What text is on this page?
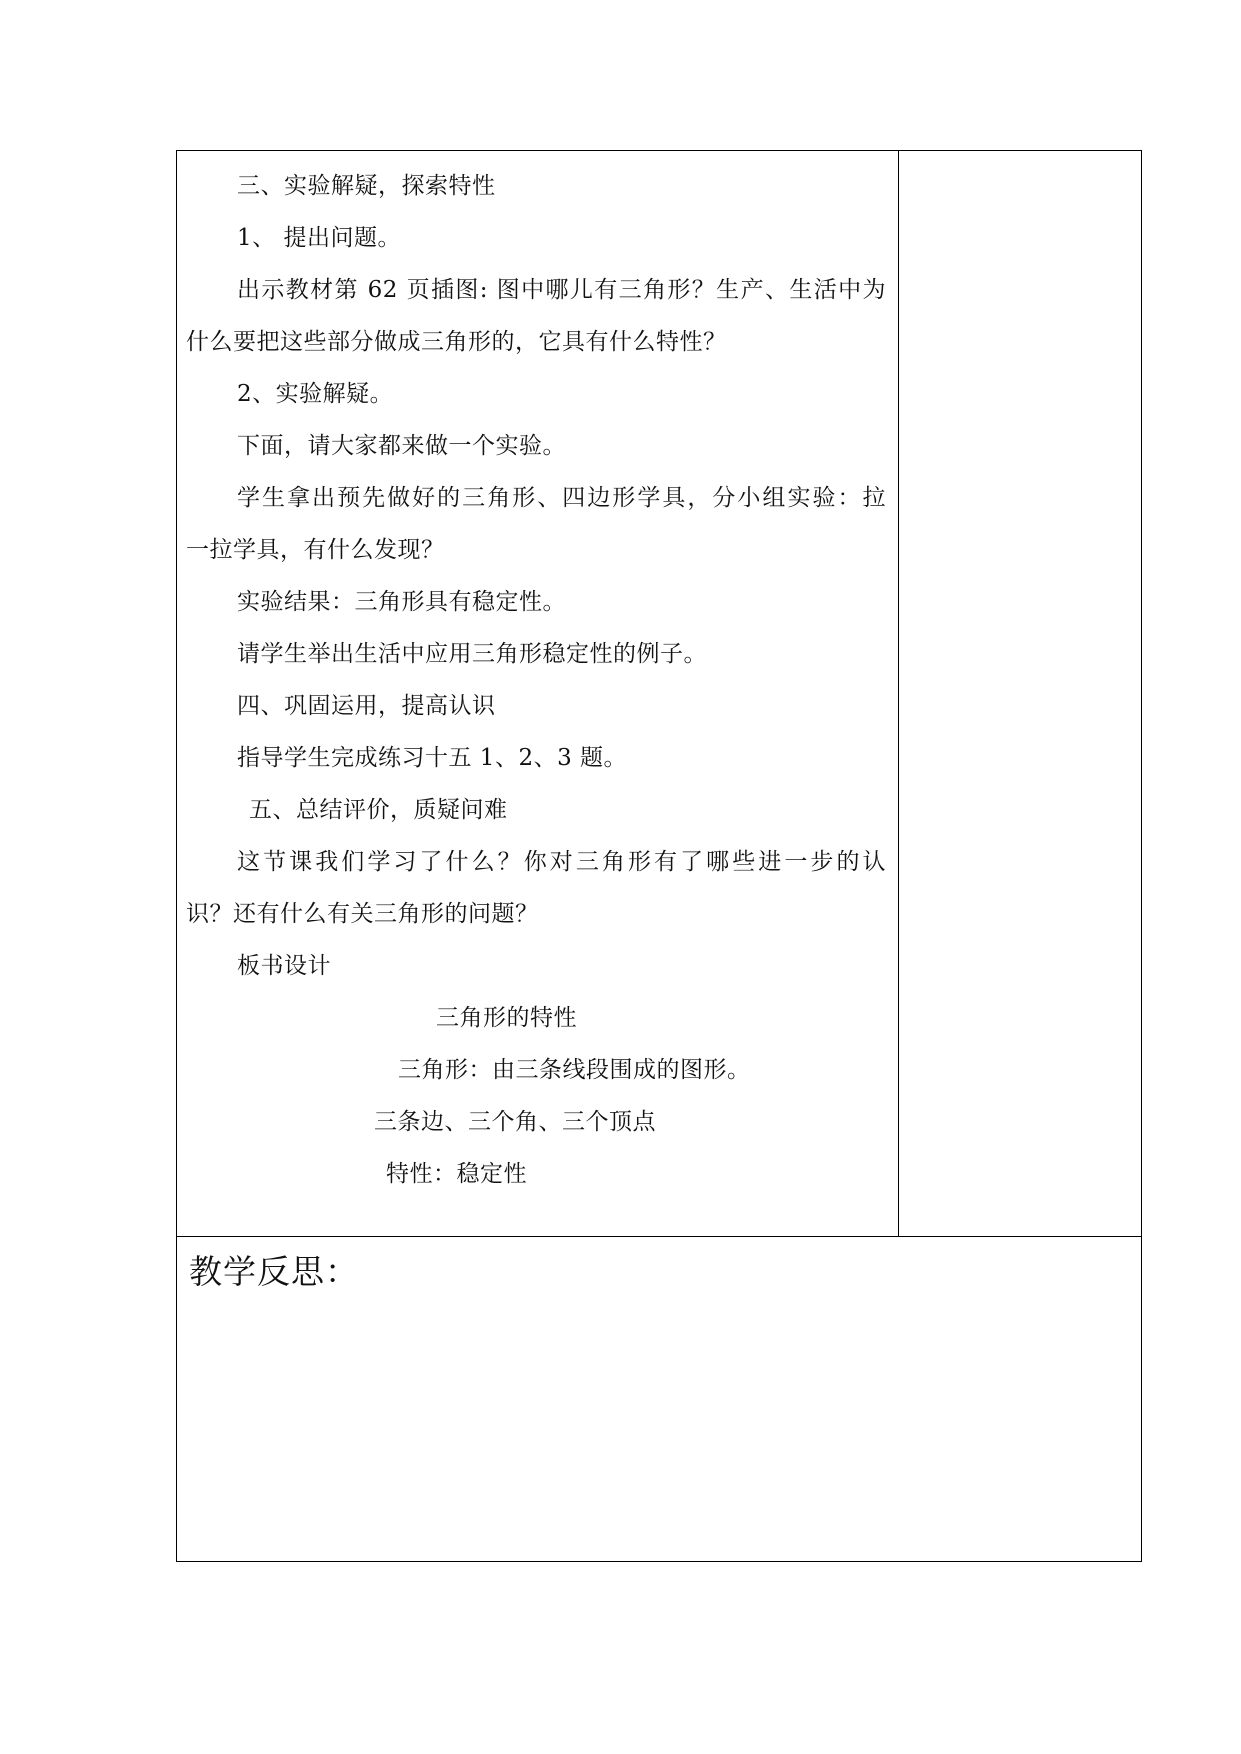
三、实验解疑，探索特性
1、 提出问题。
出示教材第 62 页插图: 图中哪儿有三角形？生产、生活中为
什么要把这些部分做成三角形的，它具有什么特性？
2、实验解疑。
下面，请大家都来做一个实验。
学生拿出预先做好的三角形、四边形学具，分小组实验：拉
一拉学具，有什么发现？
实验结果：三角形具有稳定性。
请学生举出生活中应用三角形稳定性的例子。
四、巩固运用，提高认识
指导学生完成练习十五 1、2、3 题。
五、总结评价，质疑问难
这节课我们学习了什么？你对三角形有了哪些进一步的认
识？还有什么有关三角形的问题？
板书设计
三角形的特性
三角形：由三条线段围成的图形。
三条边、三个角、三个顶点
特性：稳定性
教学反思：
